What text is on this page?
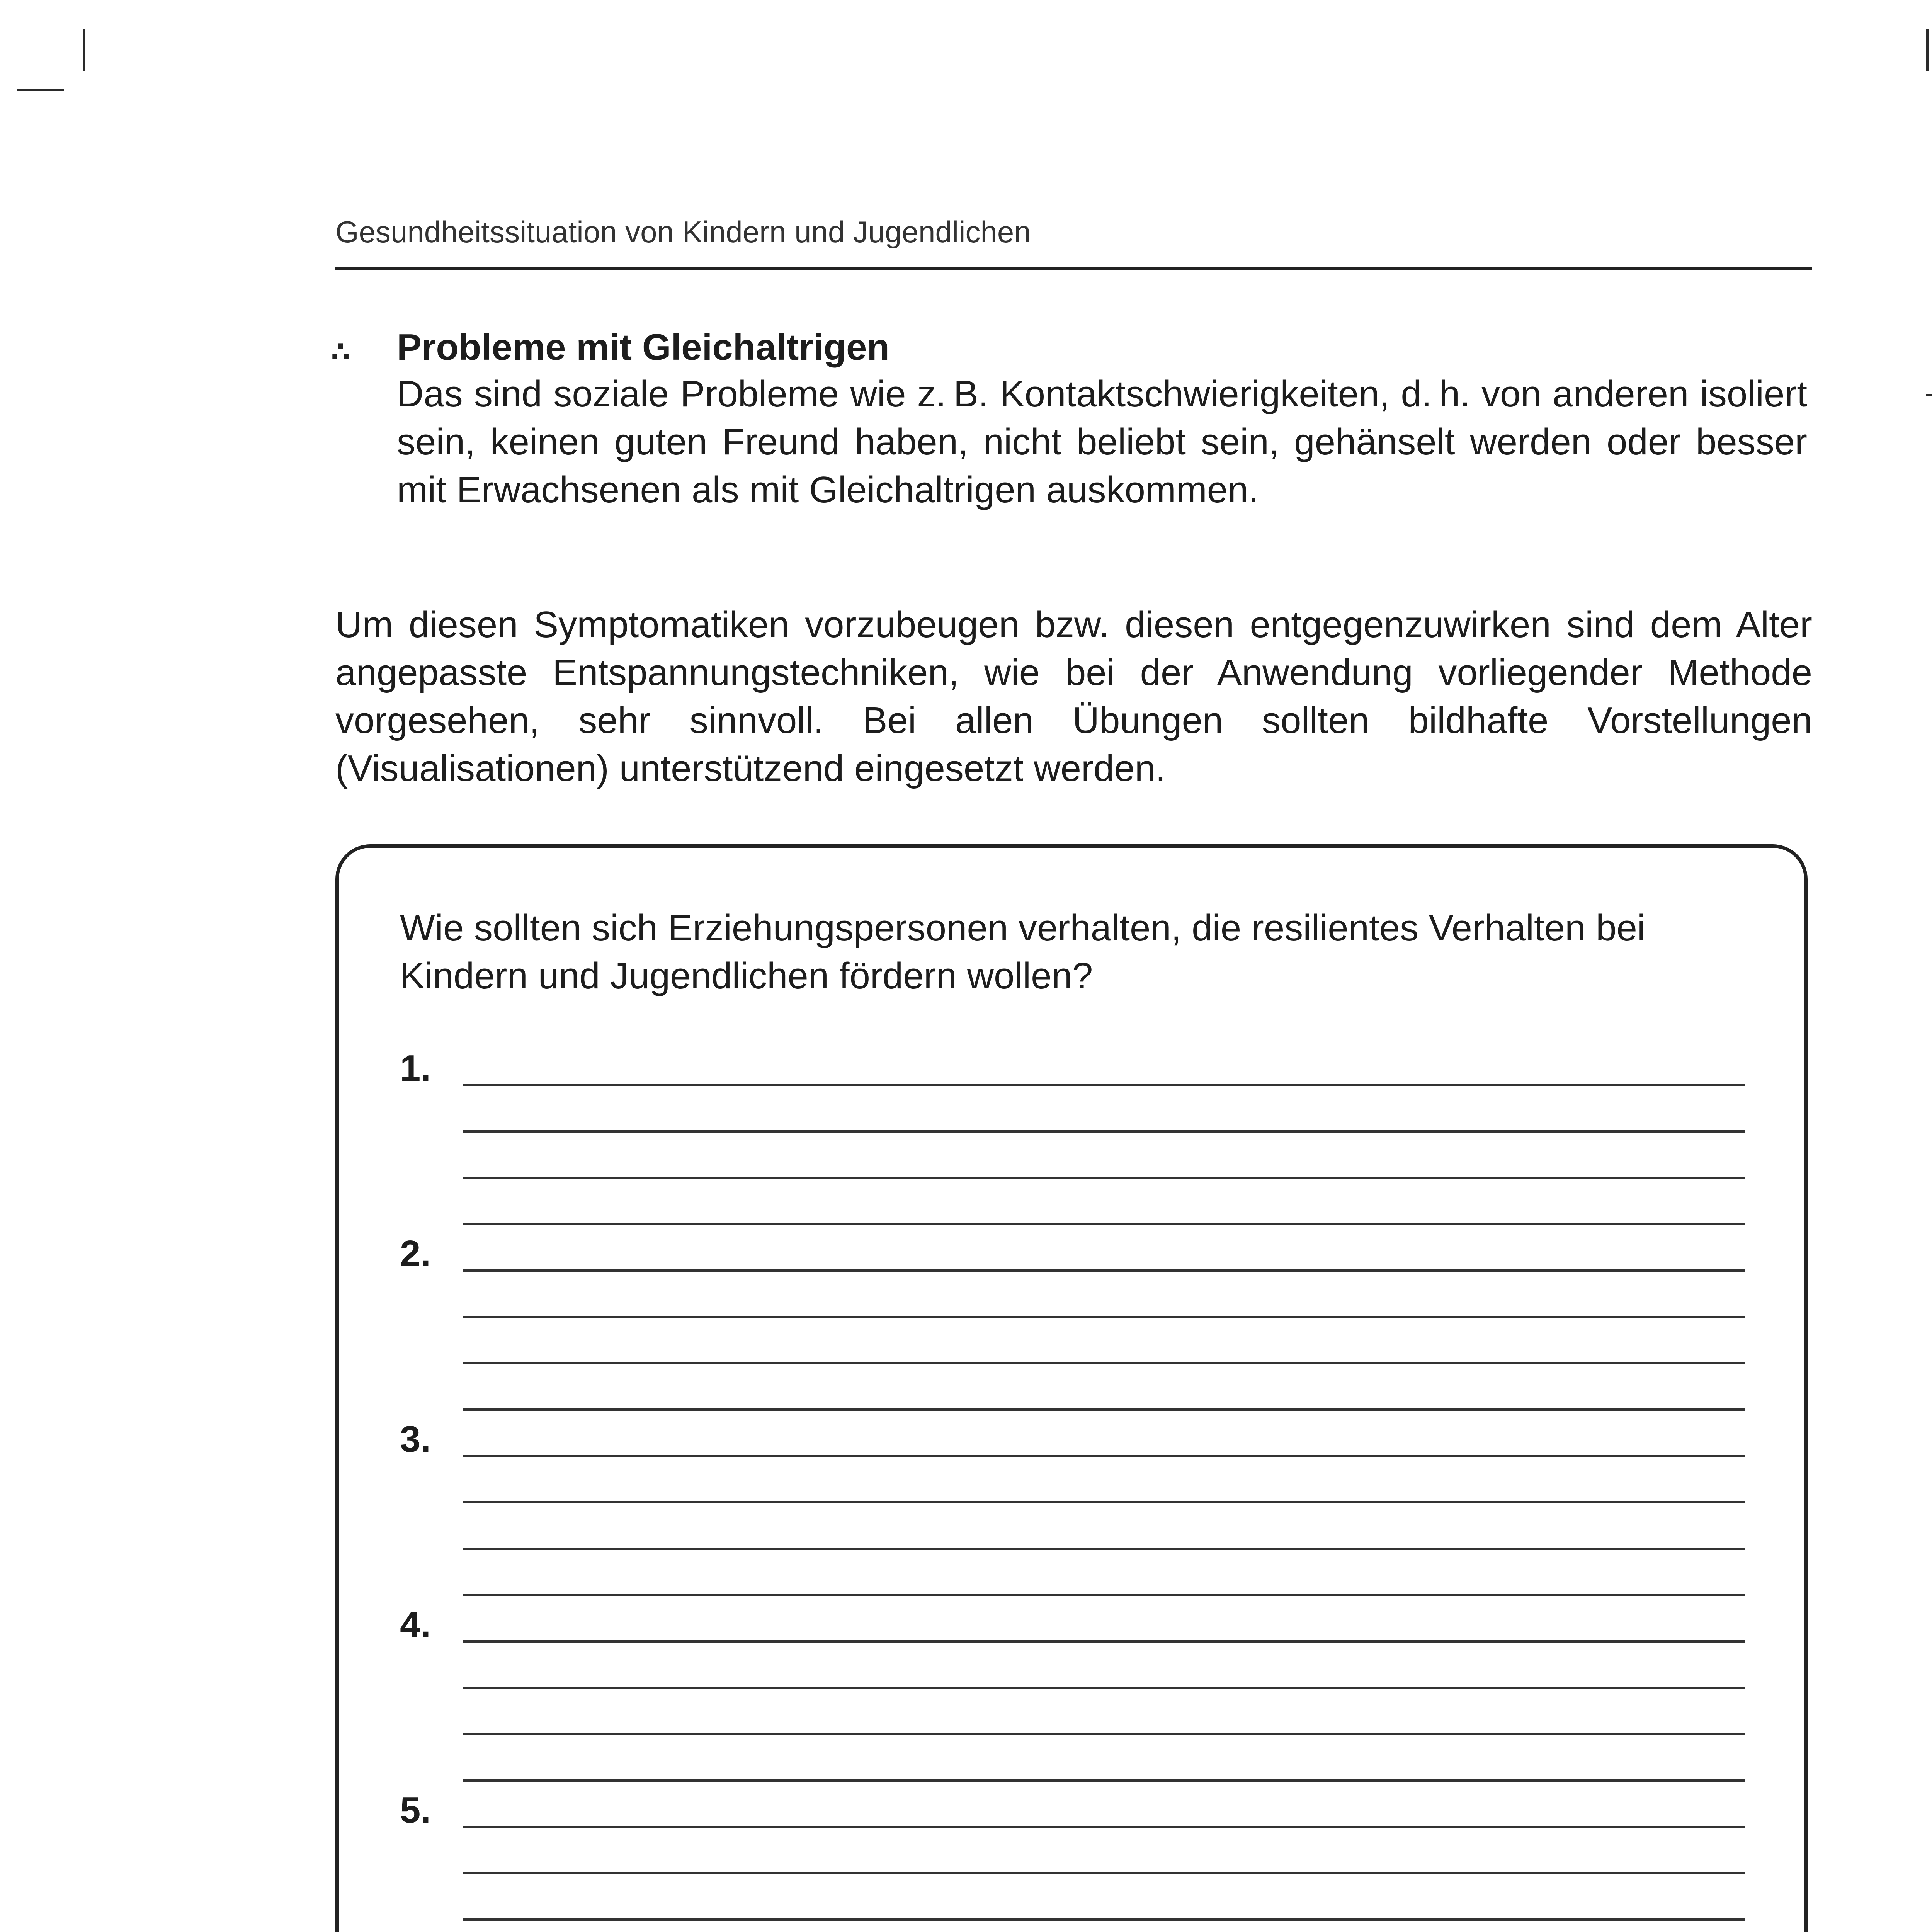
Gesundheitssituation von Kindern und Jugendlichen
∴ Probleme mit Gleichaltrigen

Das sind soziale Probleme wie z. B. Kontaktschwierigkeiten, d. h. von anderen isoliert sein, keinen guten Freund haben, nicht beliebt sein, gehänselt werden oder besser mit Erwachsenen als mit Gleichaltrigen auskommen.

Um diesen Symptomatiken vorzubeugen bzw. diesen entgegenzuwirken sind dem Alter angepasste Entspannungstechniken, wie bei der Anwendung vorliegender Methode vorgesehen, sehr sinnvoll. Bei allen Übungen sollten bildhafte Vorstellungen (Visualisationen) unterstützend eingesetzt werden.

Wie sollten sich Erziehungspersonen verhalten, die resilientes Verhalten bei Kindern und Jugendlichen fördern wollen?

1.
2.
3.
4.
5.
